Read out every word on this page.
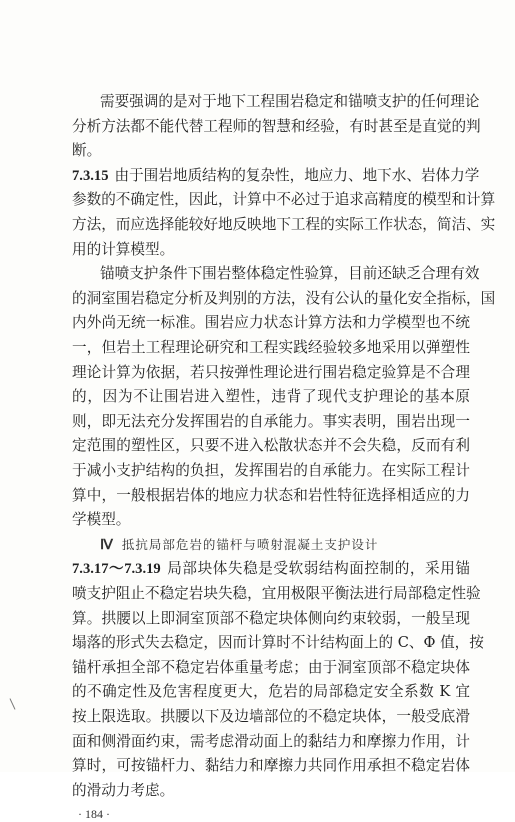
需要强调的是对于地下工程围岩稳定和锚喷支护的任何理论
分析方法都不能代替工程师的智慧和经验，有时甚至是直觉的判
断。
7.3.15 由于围岩地质结构的复杂性，地应力、地下水、岩体力学
参数的不确定性，因此，计算中不必过于追求高精度的模型和计算
方法，而应选择能较好地反映地下工程的实际工作状态，简洁、实
用的计算模型。
锚喷支护条件下围岩整体稳定性验算，目前还缺乏合理有效
的洞室围岩稳定分析及判别的方法，没有公认的量化安全指标，国
内外尚无统一标准。围岩应力状态计算方法和力学模型也不统
一，但岩土工程理论研究和工程实践经验较多地采用以弹塑性
理论计算为依据，若只按弹性理论进行围岩稳定验算是不合理
的，因为不让围岩进入塑性，违背了现代支护理论的基本原
则，即无法充分发挥围岩的自承能力。事实表明，围岩出现一
定范围的塑性区，只要不进入松散状态并不会失稳，反而有利
于减小支护结构的负担，发挥围岩的自承能力。在实际工程计
算中，一般根据岩体的地应力状态和岩性特征选择相适应的力
学模型。
Ⅳ 抵抗局部危岩的锚杆与喷射混凝土支护设计
7.3.17～7.3.19 局部块体失稳是受软弱结构面控制的，采用锚
喷支护阻止不稳定岩块失稳，宜用极限平衡法进行局部稳定性验
算。拱腰以上即洞室顶部不稳定块体侧向约束较弱，一般呈现
塌落的形式失去稳定，因而计算时不计结构面上的 C、Φ 值，按
锚杆承担全部不稳定岩体重量考虑；由于洞室顶部不稳定块体
的不确定性及危害程度更大，危岩的局部稳定安全系数 K 宜
按上限选取。拱腰以下及边墙部位的不稳定块体，一般受底滑
面和侧滑面约束，需考虑滑动面上的黏结力和摩擦力作用，计
算时，可按锚杆力、黏结力和摩擦力共同作用承担不稳定岩体
的滑动力考虑。
· 184 ·
